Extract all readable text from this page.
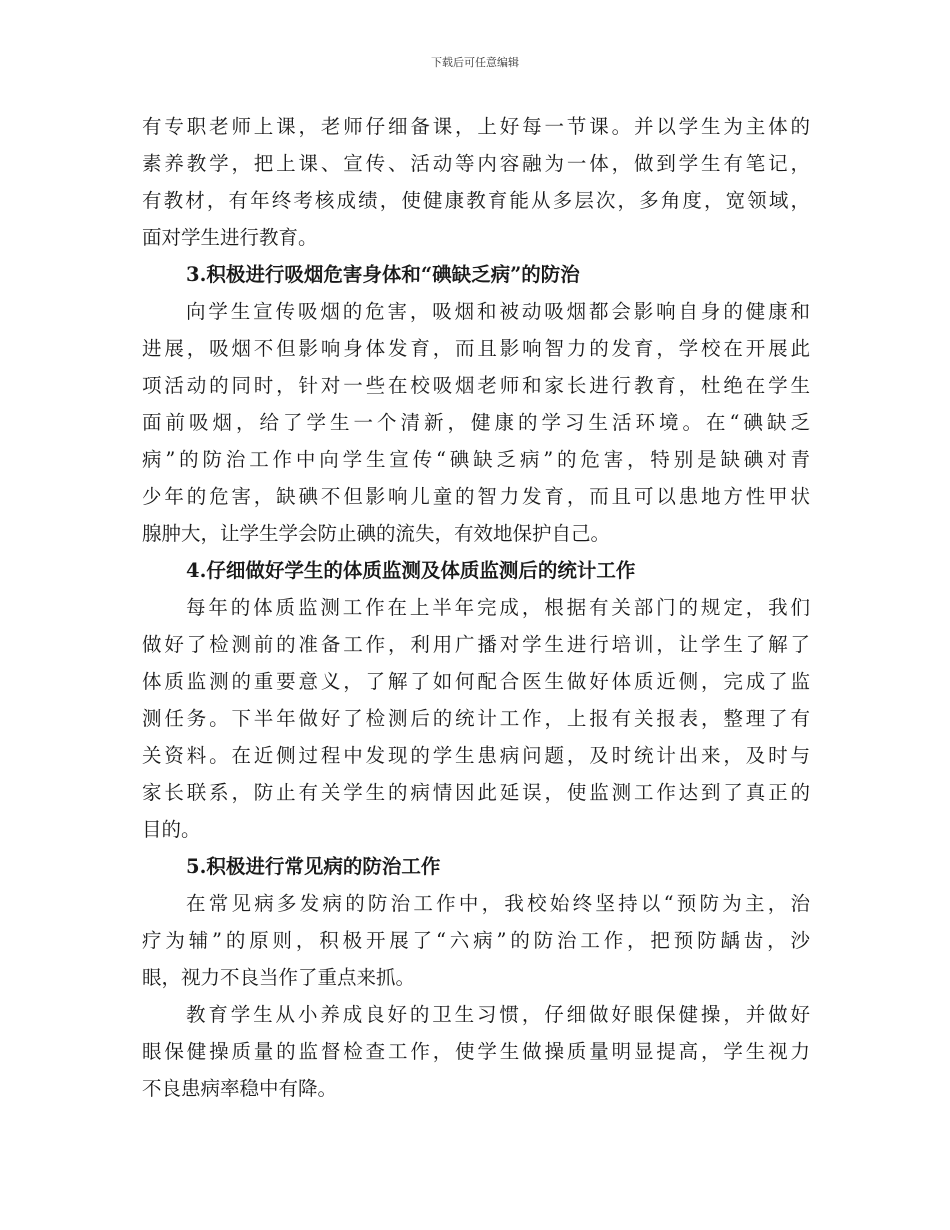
下载后可任意编辑
有专职老师上课，老师仔细备课，上好每一节课。并以学生为主体的
素养教学，把上课、宣传、活动等内容融为一体，做到学生有笔记，
有教材，有年终考核成绩，使健康教育能从多层次，多角度，宽领域，
面对学生进行教育。
3.积极进行吸烟危害身体和“碘缺乏病”的防治
向学生宣传吸烟的危害，吸烟和被动吸烟都会影响自身的健康和
进展，吸烟不但影响身体发育，而且影响智力的发育，学校在开展此
项活动的同时，针对一些在校吸烟老师和家长进行教育，杜绝在学生
面前吸烟，给了学生一个清新，健康的学习生活环境。在“碘缺乏
病”的防治工作中向学生宣传“碘缺乏病”的危害，特别是缺碘对青
少年的危害，缺碘不但影响儿童的智力发育，而且可以患地方性甲状
腺肿大，让学生学会防止碘的流失，有效地保护自己。
4.仔细做好学生的体质监测及体质监测后的统计工作
每年的体质监测工作在上半年完成，根据有关部门的规定，我们
做好了检测前的准备工作，利用广播对学生进行培训，让学生了解了
体质监测的重要意义，了解了如何配合医生做好体质近侧，完成了监
测任务。下半年做好了检测后的统计工作，上报有关报表，整理了有
关资料。在近侧过程中发现的学生患病问题，及时统计出来，及时与
家长联系，防止有关学生的病情因此延误，使监测工作达到了真正的
目的。
5.积极进行常见病的防治工作
在常见病多发病的防治工作中，我校始终坚持以“预防为主，治
疗为辅”的原则，积极开展了“六病”的防治工作，把预防龋齿，沙
眼，视力不良当作了重点来抓。
教育学生从小养成良好的卫生习惯，仔细做好眼保健操，并做好
眼保健操质量的监督检查工作，使学生做操质量明显提高，学生视力
不良患病率稳中有降。
